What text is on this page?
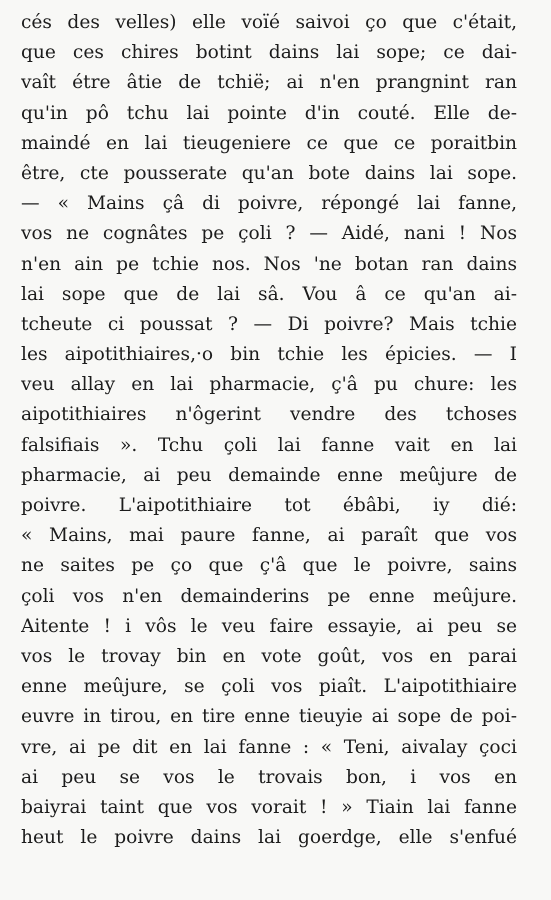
cés des velles) elle voïé saivoi ço que c'était,
que ces chires botint dains lai sope; ce dai-
vaît étre âtie de tchië; ai n'en prangnint ran
qu'in pô tchu lai pointe d'in couté. Elle de-
maindé en lai tieugeniere ce que ce poraitbin
être, cte pousserate qu'an bote dains lai sope.
— « Mains çâ di poivre, répongé lai fanne,
vos ne cognâtes pe çoli ? — Aidé, nani ! Nos
n'en ain pe tchie nos. Nos 'ne botan ran dains
lai sope que de lai sâ. Vou â ce qu'an ai-
tcheute ci poussat ? — Di poivre? Mais tchie
les aipotithiaires,·o bin tchie les épicies. — I
veu allay en lai pharmacie, ç'â pu chure: les
aipotithiaires n'ôgerint vendre des tchoses
falsifiais ». Tchu çoli lai fanne vait en lai
pharmacie, ai peu demainde enne meûjure de
poivre. L'aipotithiaire tot ébâbi, iy dié:
« Mains, mai paure fanne, ai paraît que vos
ne saites pe ço que ç'â que le poivre, sains
çoli vos n'en demainderins pe enne meûjure.
Aitente ! i vôs le veu faire essayie, ai peu se
vos le trovay bin en vote goût, vos en parai
enne meûjure, se çoli vos piaît. L'aipotithiaire
euvre in tirou, en tire enne tieuyie ai sope de poi-
vre, ai pe dit en lai fanne : « Teni, aivalay çoci
ai peu se vos le trovais bon, i vos en
baiyrai taint que vos vorait ! » Tiain lai fanne
heut le poivre dains lai goerdge, elle s'enfué
